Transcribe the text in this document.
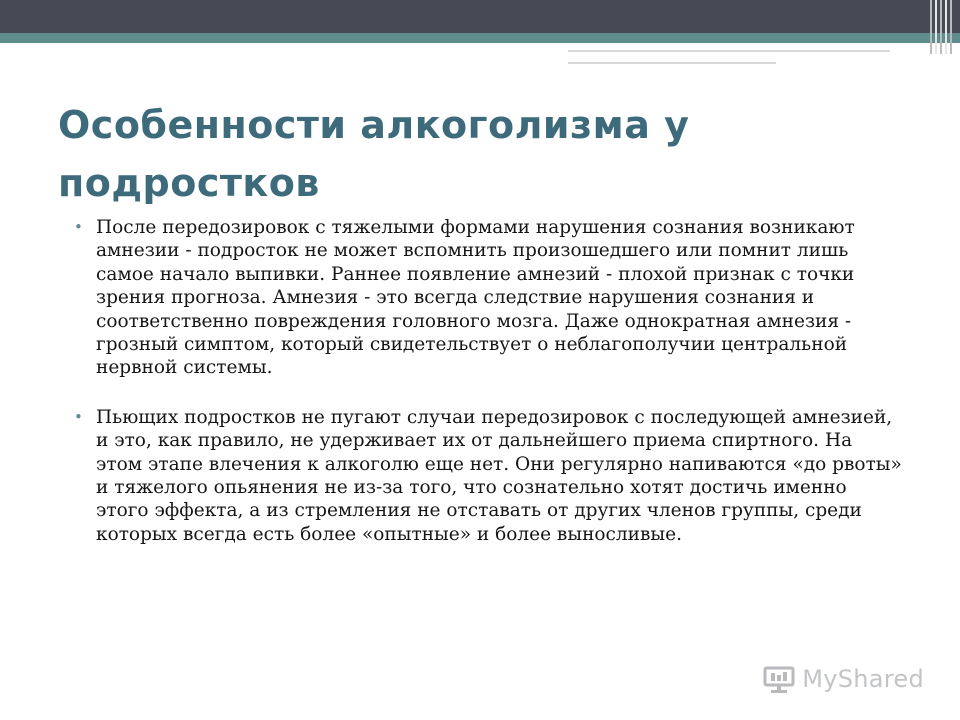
Особенности алкоголизма у подростков
• После передозировок с тяжелыми формами нарушения сознания возникают амнезии - подросток не может вспомнить произошедшего или помнит лишь самое начало выпивки. Раннее появление амнезий - плохой признак с точки зрения прогноза. Амнезия - это всегда следствие нарушения сознания и соответственно повреждения головного мозга. Даже однократная амнезия - грозный симптом, который свидетельствует о неблагополучии центральной нервной системы.
• Пьющих подростков не пугают случаи передозировок с последующей амнезией, и это, как правило, не удерживает их от дальнейшего приема спиртного. На этом этапе влечения к алкоголю еще нет. Они регулярно напиваются «до рвоты» и тяжелого опьянения не из-за того, что сознательно хотят достичь именно этого эффекта, а из стремления не отставать от других членов группы, среди которых всегда есть более «опытные» и более выносливые.
MyShared
